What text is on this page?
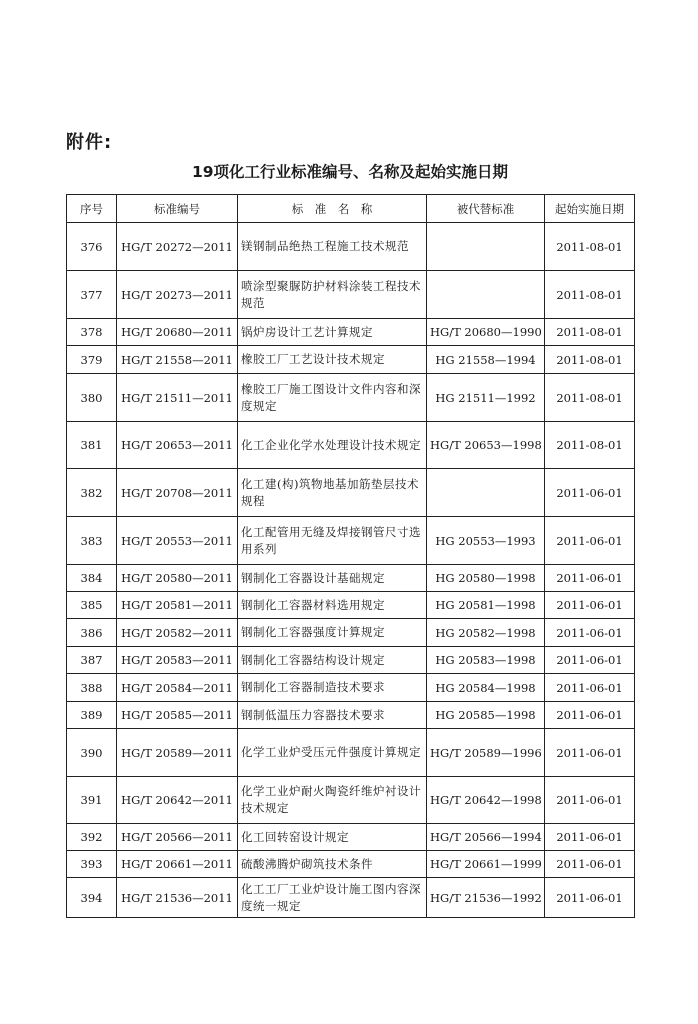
附件:
19项化工行业标准编号、名称及起始实施日期
序号	标准编号	标　准　名　称	被代替标准	起始实施日期
376	HG/T 20272—2011	镁钢制品绝热工程施工技术规范		2011-08-01
377	HG/T 20273—2011	喷涂型聚脲防护材料涂装工程技术规范		2011-08-01
378	HG/T 20680—2011	锅炉房设计工艺计算规定	HG/T 20680—1990	2011-08-01
379	HG/T 21558—2011	橡胶工厂工艺设计技术规定	HG 21558—1994	2011-08-01
380	HG/T 21511—2011	橡胶工厂施工图设计文件内容和深度规定	HG 21511—1992	2011-08-01
381	HG/T 20653—2011	化工企业化学水处理设计技术规定	HG/T 20653—1998	2011-08-01
382	HG/T 20708—2011	化工建(构)筑物地基加筋垫层技术规程		2011-06-01
383	HG/T 20553—2011	化工配管用无缝及焊接钢管尺寸选用系列	HG 20553—1993	2011-06-01
384	HG/T 20580—2011	钢制化工容器设计基础规定	HG 20580—1998	2011-06-01
385	HG/T 20581—2011	钢制化工容器材料选用规定	HG 20581—1998	2011-06-01
386	HG/T 20582—2011	钢制化工容器强度计算规定	HG 20582—1998	2011-06-01
387	HG/T 20583—2011	钢制化工容器结构设计规定	HG 20583—1998	2011-06-01
388	HG/T 20584—2011	钢制化工容器制造技术要求	HG 20584—1998	2011-06-01
389	HG/T 20585—2011	钢制低温压力容器技术要求	HG 20585—1998	2011-06-01
390	HG/T 20589—2011	化学工业炉受压元件强度计算规定	HG/T 20589—1996	2011-06-01
391	HG/T 20642—2011	化学工业炉耐火陶瓷纤维炉衬设计技术规定	HG/T 20642—1998	2011-06-01
392	HG/T 20566—2011	化工回转窑设计规定	HG/T 20566—1994	2011-06-01
393	HG/T 20661—2011	硫酸沸腾炉砌筑技术条件	HG/T 20661—1999	2011-06-01
394	HG/T 21536—2011	化工工厂工业炉设计施工图内容深度统一规定	HG/T 21536—1992	2011-06-01
